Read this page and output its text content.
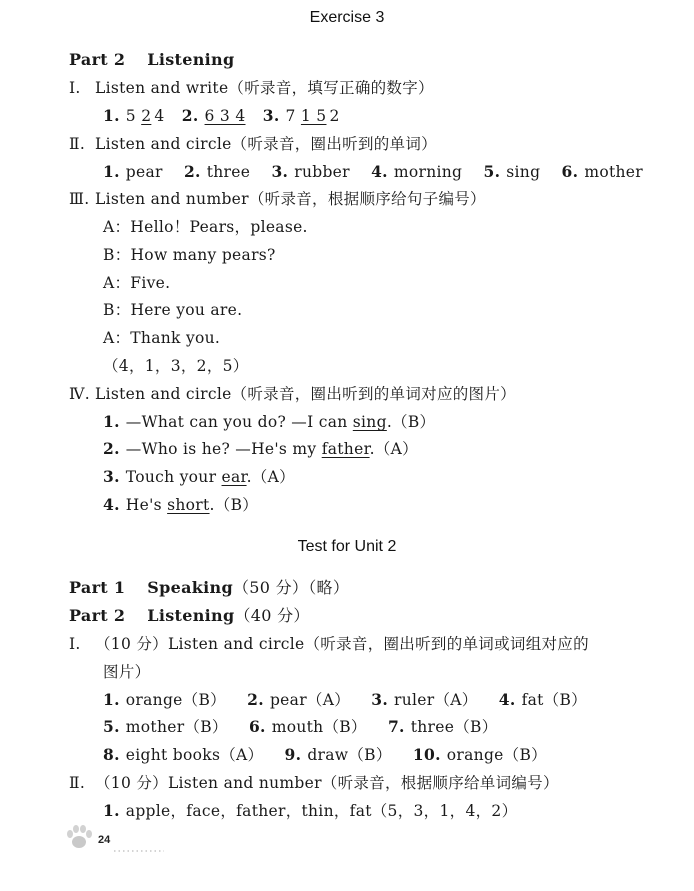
Exercise 3
Part 2 Listening
Ⅰ. Listen and write（听录音，填写正确的数字）
1. 5 2 4 2. 6 3 4 3. 7 1 5 2
Ⅱ. Listen and circle（听录音，圈出听到的单词）
1. pear 2. three 3. rubber 4. morning 5. sing 6. mother
Ⅲ. Listen and number（听录音，根据顺序给句子编号）
A：Hello！Pears，please.
B：How many pears?
A：Five.
B：Here you are.
A：Thank you.
（4，1，3，2，5）
Ⅳ. Listen and circle（听录音，圈出听到的单词对应的图片）
1. —What can you do? —I can sing.（B）
2. —Who is he? —He's my father.（A）
3. Touch your ear.（A）
4. He's short.（B）
Test for Unit 2
Part 1 Speaking（50 分）（略）
Part 2 Listening（40 分）
Ⅰ. （10 分）Listen and circle（听录音，圈出听到的单词或词组对应的
图片）
1. orange（B） 2. pear（A） 3. ruler（A） 4. fat（B）
5. mother（B） 6. mouth（B） 7. three（B）
8. eight books（A） 9. draw（B） 10. orange（B）
Ⅱ. （10 分）Listen and number（听录音，根据顺序给单词编号）
1. apple，face，father，thin，fat（5，3，1，4，2）
24
